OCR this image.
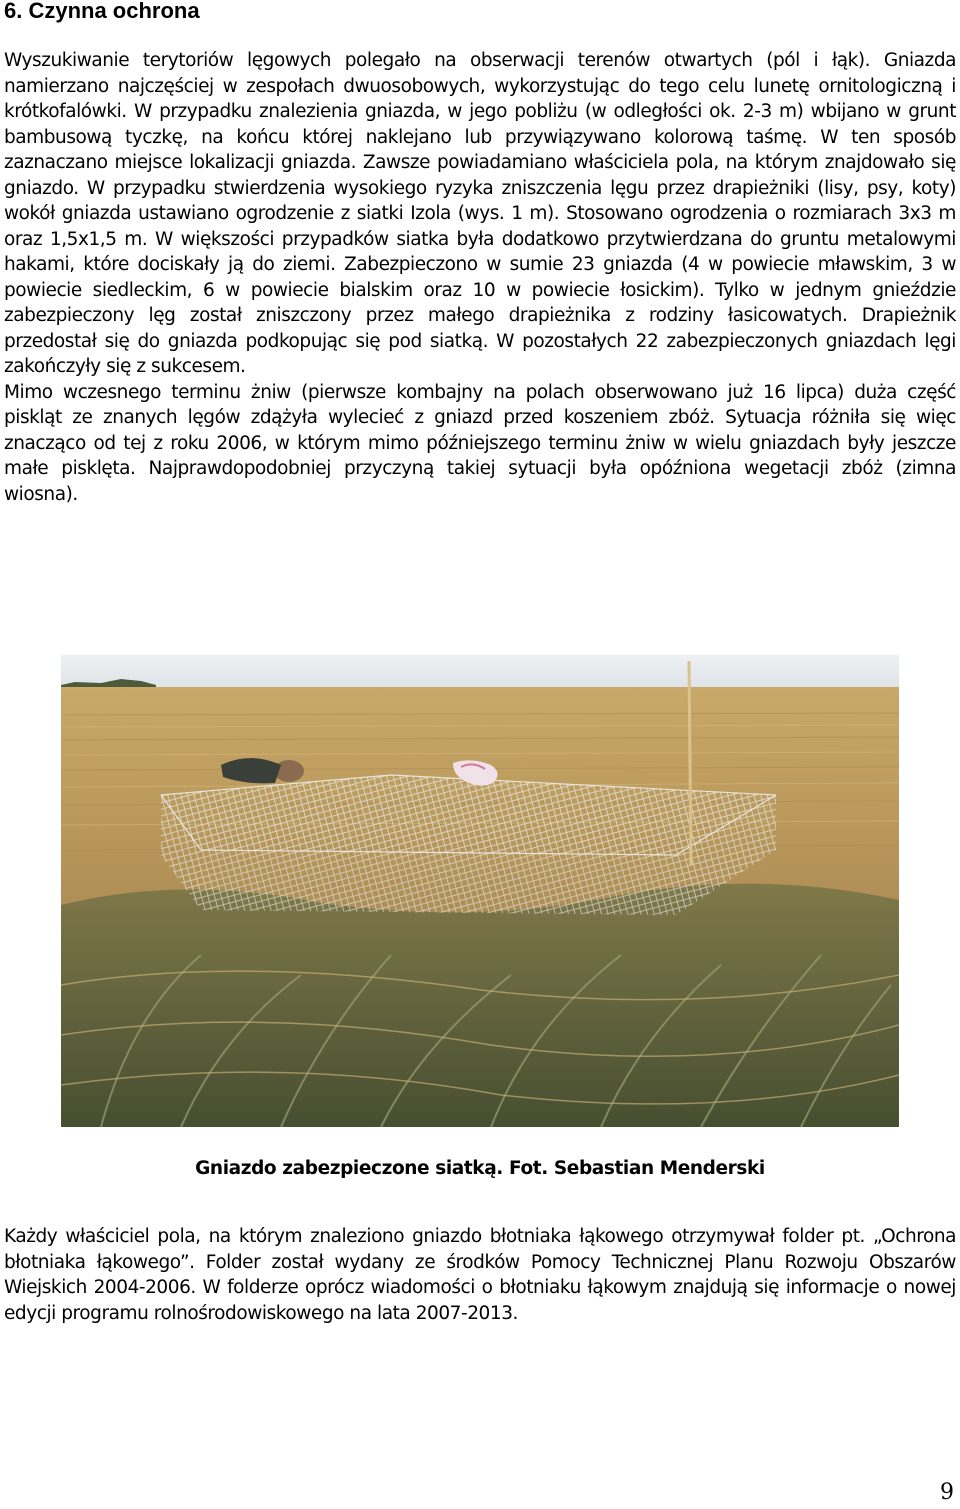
6. Czynna ochrona

Wyszukiwanie terytoriów lęgowych polegało na obserwacji terenów otwartych (pól i łąk). Gniazda namierzano najczęściej w zespołach dwuosobowych, wykorzystując do tego celu lunetę ornitologiczną i krótkofalówki. W przypadku znalezienia gniazda, w jego pobliżu (w odległości ok. 2-3 m) wbijano w grunt bambusową tyczkę, na końcu której naklejano lub przywiązywano kolorową taśmę. W ten sposób zaznaczano miejsce lokalizacji gniazda. Zawsze powiadamiano właściciela pola, na którym znajdowało się gniazdo. W przypadku stwierdzenia wysokiego ryzyka zniszczenia lęgu przez drapieżniki (lisy, psy, koty) wokół gniazda ustawiano ogrodzenie z siatki Izola (wys. 1 m). Stosowano ogrodzenia o rozmiarach 3x3 m oraz 1,5x1,5 m. W większości przypadków siatka była dodatkowo przytwierdzana do gruntu metalowymi hakami, które dociskały ją do ziemi. Zabezpieczono w sumie 23 gniazda (4 w powiecie mławskim, 3 w powiecie siedleckim, 6 w powiecie bialskim oraz 10 w powiecie łosickim). Tylko w jednym gnieździe zabezpieczony lęg został zniszczony przez małego drapieżnika z rodziny łasicowatych. Drapieżnik przedostał się do gniazda podkopując się pod siatką. W pozostałych 22 zabezpieczonych gniazdach lęgi zakończyły się z sukcesem.

Mimo wczesnego terminu żniw (pierwsze kombajny na polach obserwowano już 16 lipca) duża część piskląt ze znanych lęgów zdążyła wylecieć z gniazd przed koszeniem zbóż. Sytuacja różniła się więc znacząco od tej z roku 2006, w którym mimo późniejszego terminu żniw w wielu gniazdach były jeszcze małe pisklęta. Najprawdopodobniej przyczyną takiej sytuacji była opóźniona wegetacji zbóż (zimna wiosna).

Gniazdo zabezpieczone siatką. Fot. Sebastian Menderski

Każdy właściciel pola, na którym znaleziono gniazdo błotniaka łąkowego otrzymywał folder pt. „Ochrona błotniaka łąkowego”. Folder został wydany ze środków Pomocy Technicznej Planu Rozwoju Obszarów Wiejskich 2004-2006. W folderze oprócz wiadomości o błotniaku łąkowym znajdują się informacje o nowej edycji programu rolnośrodowiskowego na lata 2007-2013.

9
